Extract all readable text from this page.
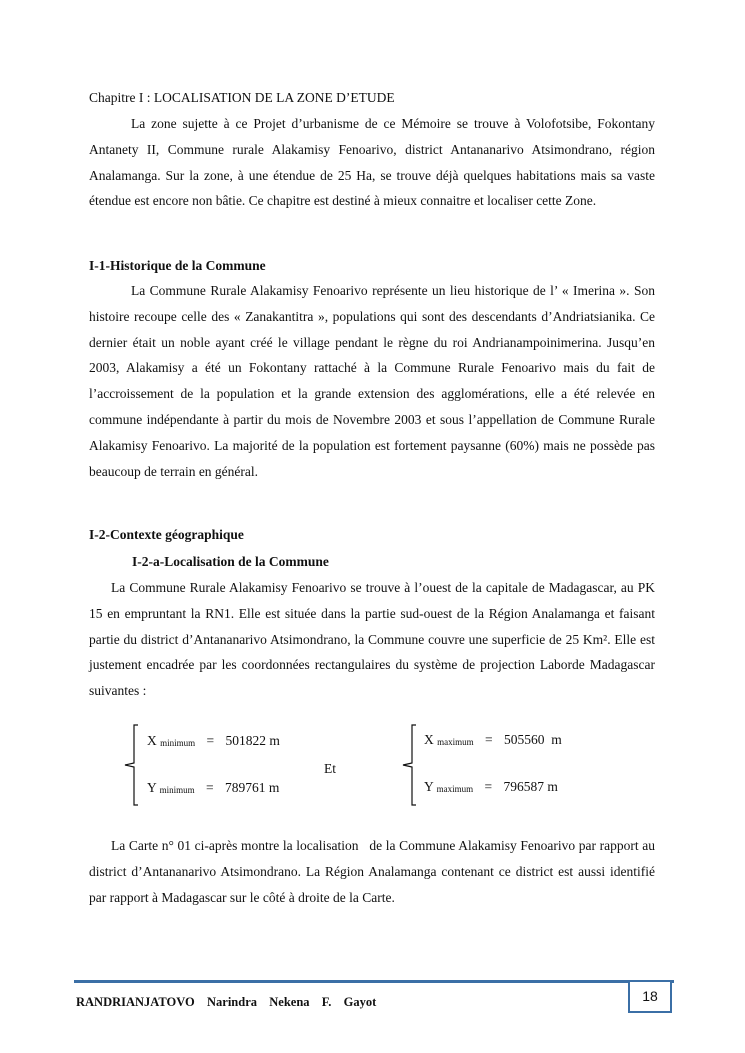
Chapitre I : LOCALISATION DE LA ZONE D’ETUDE

La zone sujette à ce Projet d’urbanisme de ce Mémoire se trouve à Volofotsibe, Fokontany Antanety II, Commune rurale Alakamisy Fenoarivo, district Antananarivo Atsimondrano, région Analamanga. Sur la zone, à une étendue de 25 Ha, se trouve déjà quelques habitations mais sa vaste étendue est encore non bâtie. Ce chapitre est destiné à mieux connaitre et localiser cette Zone.

I-1-Historique de la Commune

La Commune Rurale Alakamisy Fenoarivo représente un lieu historique de l’ « Imerina ». Son histoire recoupe celle des « Zanakantitra », populations qui sont des descendants d’Andriatsianika. Ce dernier était un noble ayant créé le village pendant le règne du roi Andrianampoinimerina. Jusqu’en 2003, Alakamisy a été un Fokontany rattaché à la Commune Rurale Fenoarivo mais du fait de l’accroissement de la population et la grande extension des agglomérations, elle a été relevée en commune indépendante à partir du mois de Novembre 2003 et sous l’appellation de Commune Rurale Alakamisy Fenoarivo. La majorité de la population est fortement paysanne (60%) mais ne possède pas beaucoup de terrain en général.

I-2-Contexte géographique
I-2-a-Localisation de la Commune

La Commune Rurale Alakamisy Fenoarivo se trouve à l’ouest de la capitale de Madagascar, au PK 15 en empruntant la RN1. Elle est située dans la partie sud-ouest de la Région Analamanga et faisant partie du district d’Antananarivo Atsimondrano, la Commune couvre une superficie de 25 Km². Elle est justement encadrée par les coordonnées rectangulaires du système de projection Laborde Madagascar suivantes :

X $_{minimum}$ = 501822 m
Y $_{minimum}$ = 789761 m
Et
X $_{maximum}$ = 505560  m
Y $_{maximum}$ = 796587 m

La Carte n° 01 ci-après montre la localisation   de la Commune Alakamisy Fenoarivo par rapport au district d’Antananarivo Atsimondrano. La Région Analamanga contenant ce district est aussi identifié par rapport à Madagascar sur le côté à droite de la Carte.

RANDRIANJATOVO  Narindra  Nekena  F.  Gayot	18
